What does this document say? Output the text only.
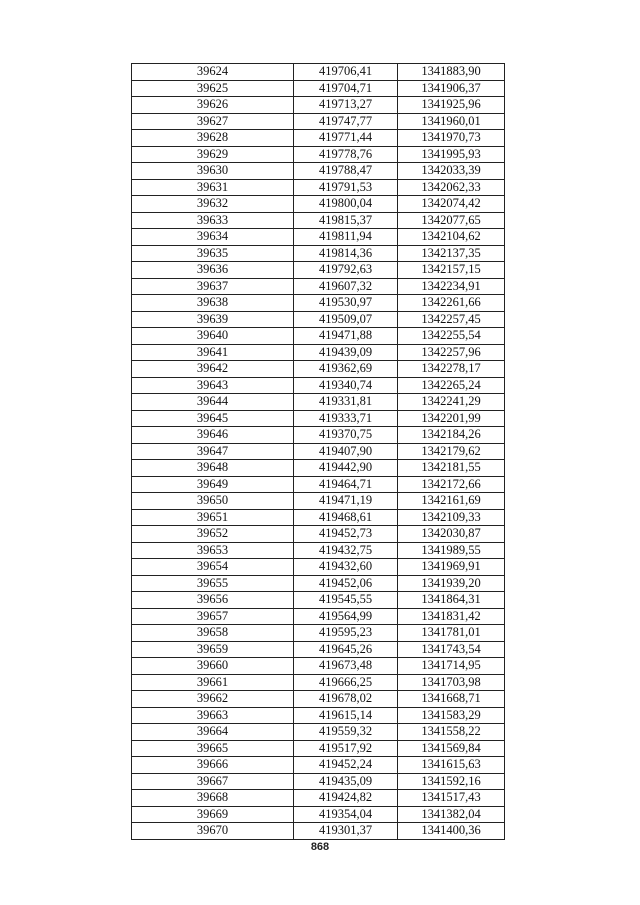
39624	419706,41	1341883,90
39625	419704,71	1341906,37
39626	419713,27	1341925,96
39627	419747,77	1341960,01
39628	419771,44	1341970,73
39629	419778,76	1341995,93
39630	419788,47	1342033,39
39631	419791,53	1342062,33
39632	419800,04	1342074,42
39633	419815,37	1342077,65
39634	419811,94	1342104,62
39635	419814,36	1342137,35
39636	419792,63	1342157,15
39637	419607,32	1342234,91
39638	419530,97	1342261,66
39639	419509,07	1342257,45
39640	419471,88	1342255,54
39641	419439,09	1342257,96
39642	419362,69	1342278,17
39643	419340,74	1342265,24
39644	419331,81	1342241,29
39645	419333,71	1342201,99
39646	419370,75	1342184,26
39647	419407,90	1342179,62
39648	419442,90	1342181,55
39649	419464,71	1342172,66
39650	419471,19	1342161,69
39651	419468,61	1342109,33
39652	419452,73	1342030,87
39653	419432,75	1341989,55
39654	419432,60	1341969,91
39655	419452,06	1341939,20
39656	419545,55	1341864,31
39657	419564,99	1341831,42
39658	419595,23	1341781,01
39659	419645,26	1341743,54
39660	419673,48	1341714,95
39661	419666,25	1341703,98
39662	419678,02	1341668,71
39663	419615,14	1341583,29
39664	419559,32	1341558,22
39665	419517,92	1341569,84
39666	419452,24	1341615,63
39667	419435,09	1341592,16
39668	419424,82	1341517,43
39669	419354,04	1341382,04
39670	419301,37	1341400,36
868
